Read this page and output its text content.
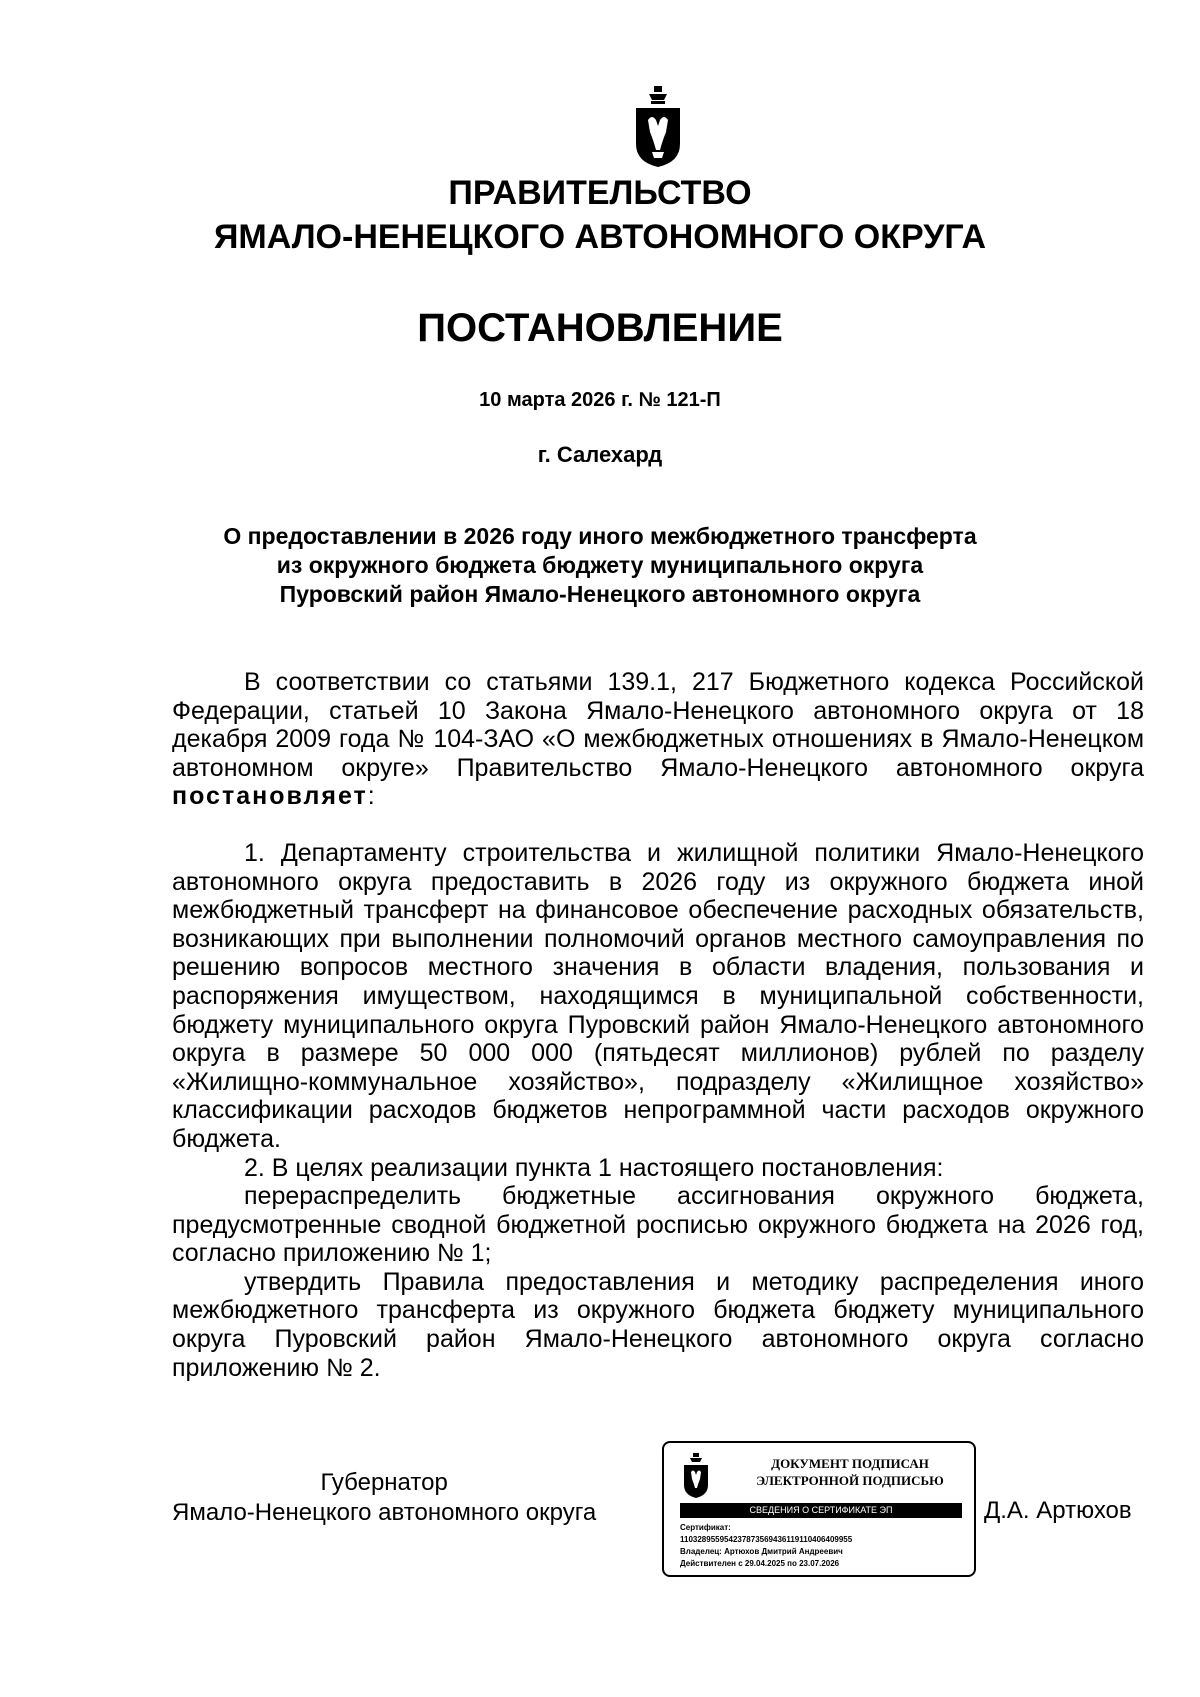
ПРАВИТЕЛЬСТВО
ЯМАЛО-НЕНЕЦКОГО АВТОНОМНОГО ОКРУГА
ПОСТАНОВЛЕНИЕ
10 марта 2026 г. № 121-П
г. Салехард
О предоставлении в 2026 году иного межбюджетного трансферта
из окружного бюджета бюджету муниципального округа
Пуровский район Ямало-Ненецкого автономного округа

В соответствии со статьями 139.1, 217 Бюджетного кодекса Российской Федерации, статьей 10 Закона Ямало-Ненецкого автономного округа от 18 декабря 2009 года № 104-ЗАО «О межбюджетных отношениях в Ямало-Ненецком автономном округе» Правительство Ямало-Ненецкого автономного округа постановляет:

1. Департаменту строительства и жилищной политики Ямало-Ненецкого автономного округа предоставить в 2026 году из окружного бюджета иной межбюджетный трансферт на финансовое обеспечение расходных обязательств, возникающих при выполнении полномочий органов местного самоуправления по решению вопросов местного значения в области владения, пользования и распоряжения имуществом, находящимся в муниципальной собственности, бюджету муниципального округа Пуровский район Ямало-Ненецкого автономного округа в размере 50 000 000 (пятьдесят миллионов) рублей по разделу «Жилищно-коммунальное хозяйство», подразделу «Жилищное хозяйство» классификации расходов бюджетов непрограммной части расходов окружного бюджета.

2. В целях реализации пункта 1 настоящего постановления:

перераспределить бюджетные ассигнования окружного бюджета, предусмотренные сводной бюджетной росписью окружного бюджета на 2026 год, согласно приложению № 1;

утвердить Правила предоставления и методику распределения иного межбюджетного трансферта из окружного бюджета бюджету муниципального округа Пуровский район Ямало-Ненецкого автономного округа согласно приложению № 2.

Губернатор
Ямало-Ненецкого автономного округа
ДОКУМЕНТ ПОДПИСАН
ЭЛЕКТРОННОЙ ПОДПИСЬЮ
СВЕДЕНИЯ О СЕРТИФИКАТЕ ЭП
Сертификат:
110328955954237873569436119110406409955
Владелец: Артюхов Дмитрий Андреевич
Действителен с 29.04.2025 по 23.07.2026
Д.А. Артюхов
